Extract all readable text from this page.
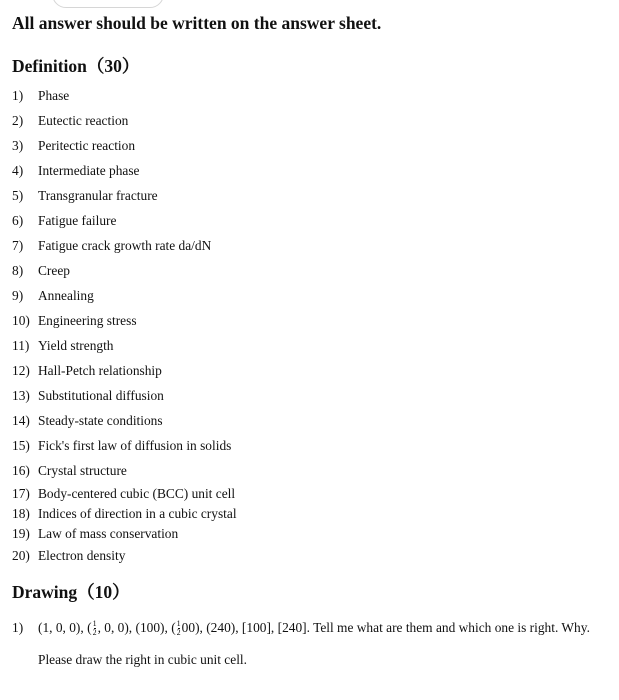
All answer should be written on the answer sheet.
Definition（30）
1) Phase
2) Eutectic reaction
3) Peritectic reaction
4) Intermediate phase
5) Transgranular fracture
6) Fatigue failure
7) Fatigue crack growth rate da/dN
8) Creep
9) Annealing
10) Engineering stress
11) Yield strength
12) Hall-Petch relationship
13) Substitutional diffusion
14) Steady-state conditions
15) Fick's first law of diffusion in solids
16) Crystal structure
17) Body-centered cubic (BCC) unit cell
18) Indices of direction in a cubic crystal
19) Law of mass conservation
20) Electron density
Drawing（10）
1) (1, 0, 0), ( $\frac{1}{2}$ , 0, 0), (100), ( $\frac{1}{2} 00$), (240), [100], [240]. Tell me what are them and which one is right. Why.
Please draw the right in cubic unit cell.
